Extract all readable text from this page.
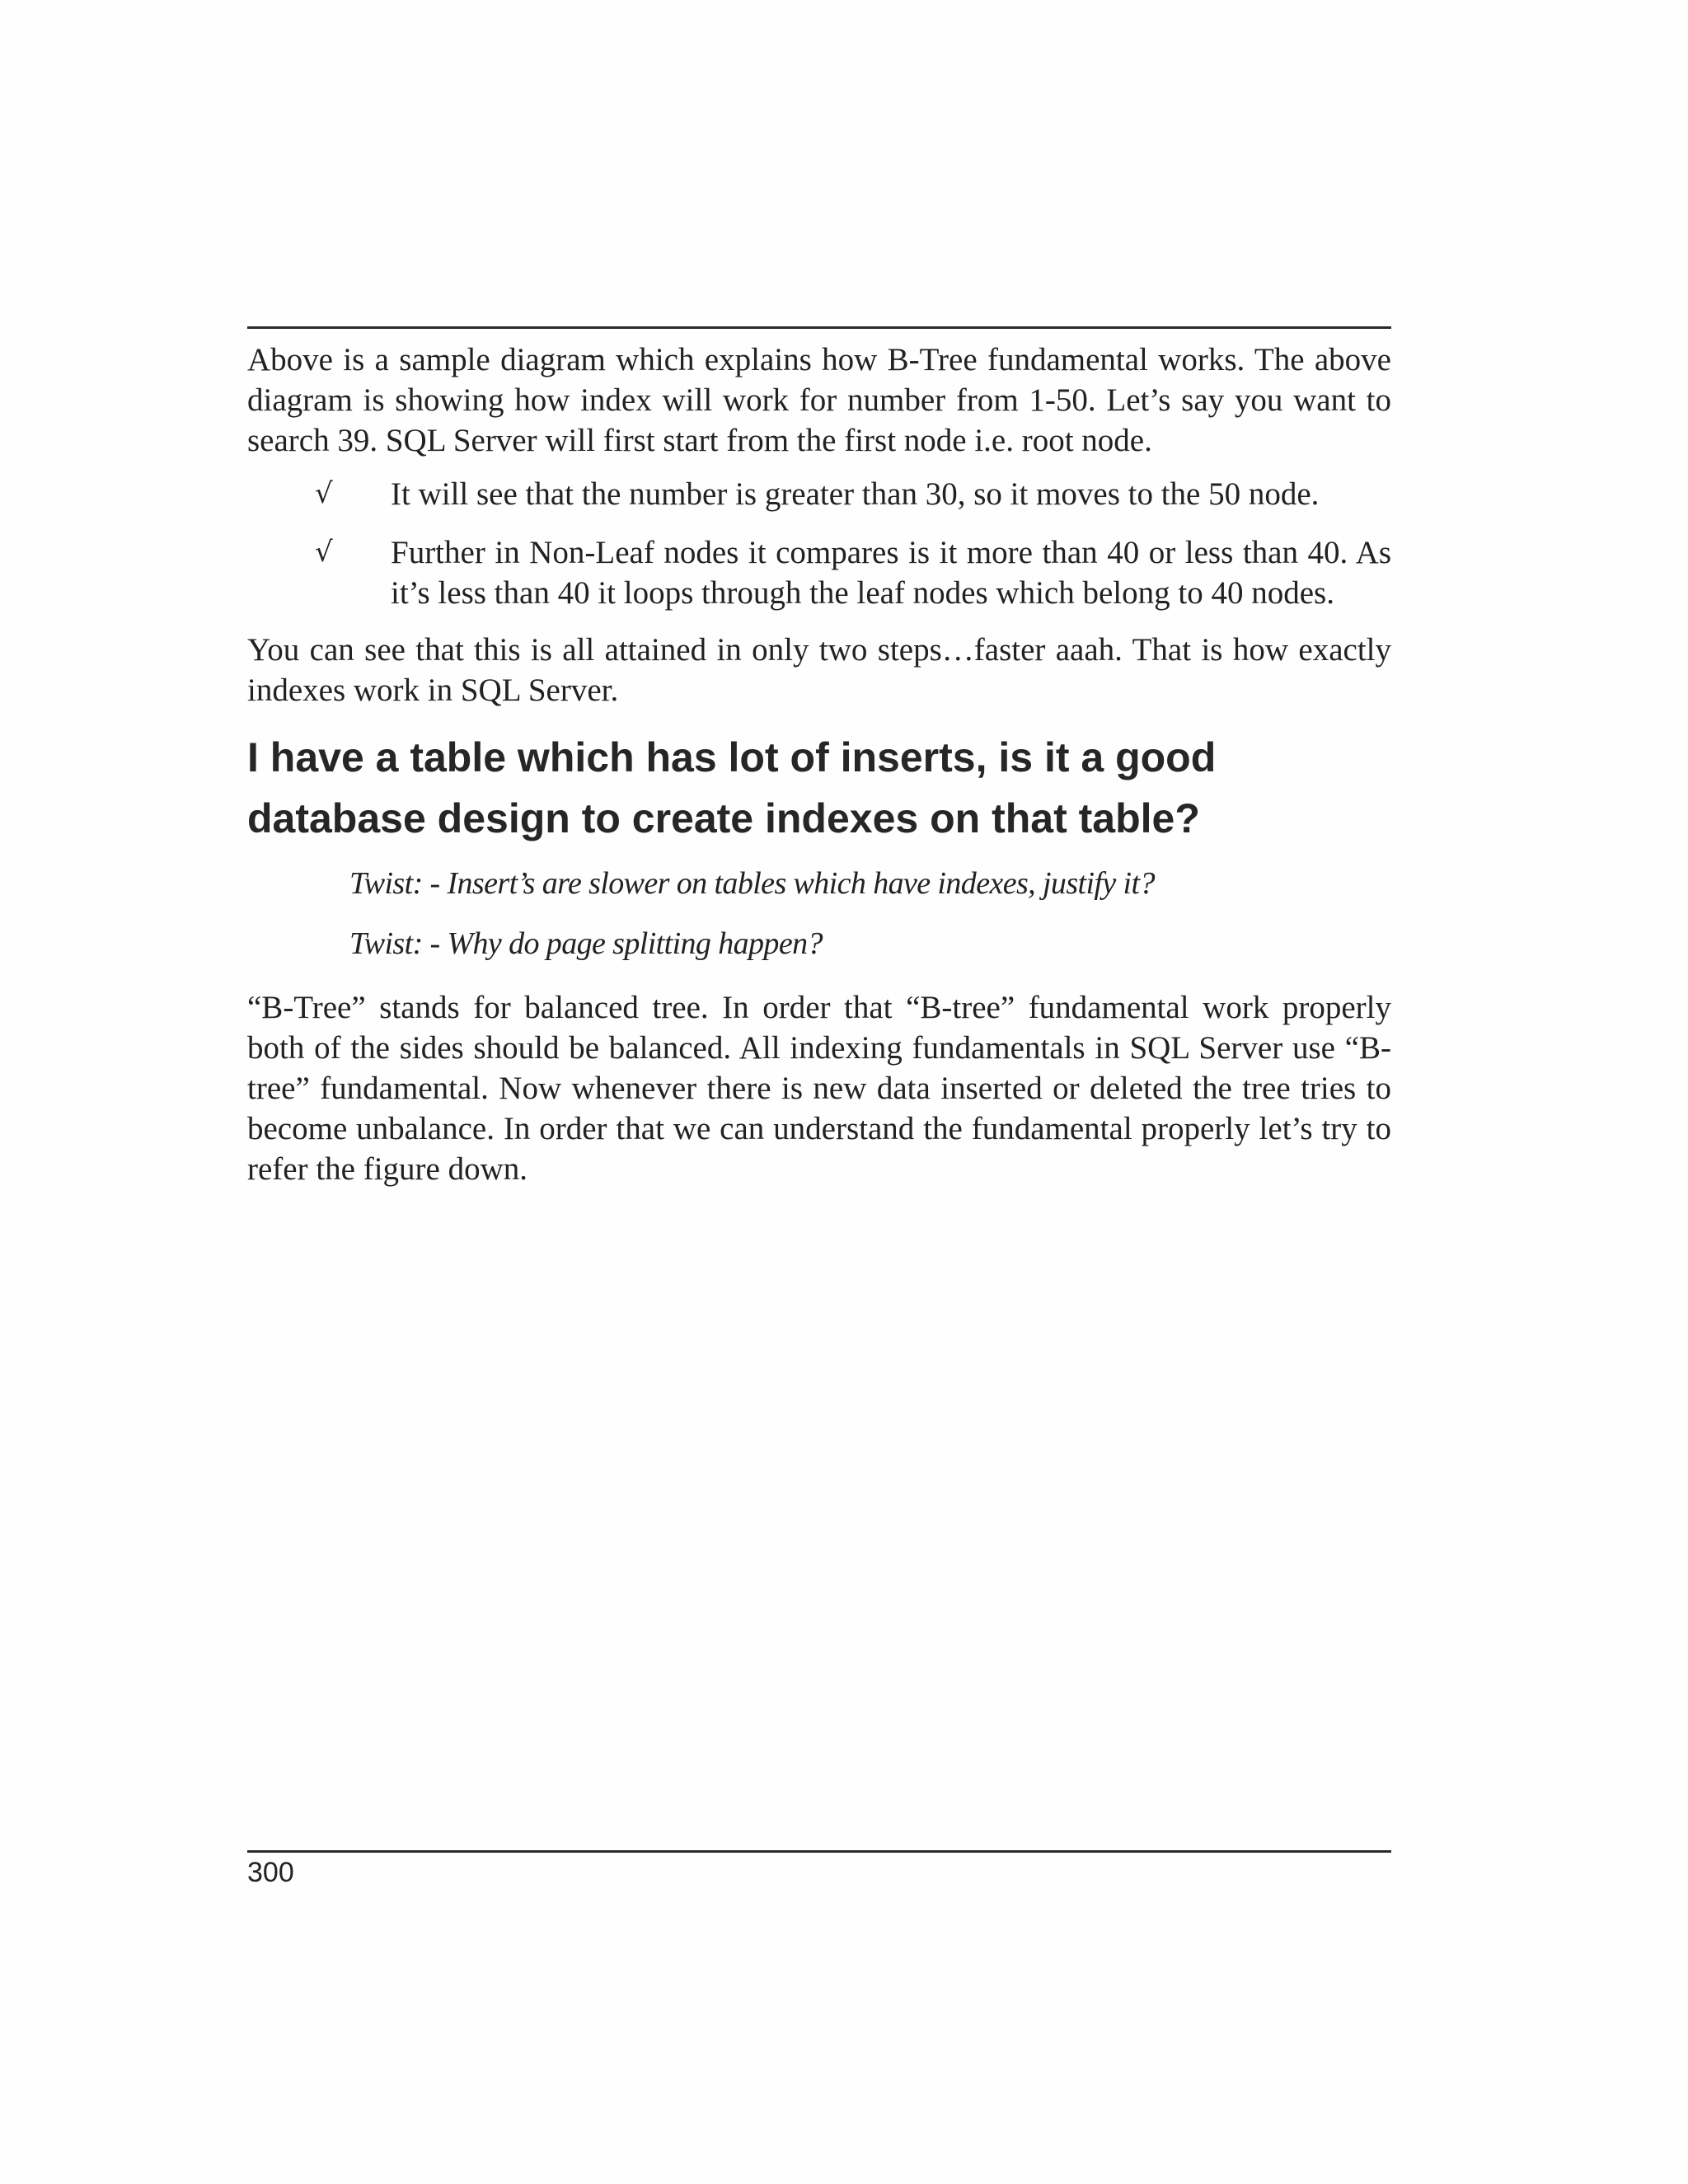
Above is a sample diagram which explains how B-Tree fundamental works. The above diagram is showing how index will work for number from 1-50. Let’s say you want to search 39. SQL Server will first start from the first node i.e. root node.

√	It will see that the number is greater than 30, so it moves to the 50 node.
√	Further in Non-Leaf nodes it compares is it more than 40 or less than 40. As it’s less than 40 it loops through the leaf nodes which belong to 40 nodes.

You can see that this is all attained in only two steps…faster aaah. That is how exactly indexes work in SQL Server.

I have a table which has lot of inserts, is it a good database design to create indexes on that table?

Twist: - Insert’s are slower on tables which have indexes, justify it?

Twist: - Why do page splitting happen?

“B-Tree” stands for balanced tree. In order that “B-tree” fundamental work properly both of the sides should be balanced. All indexing fundamentals in SQL Server use “B-tree” fundamental. Now whenever there is new data inserted or deleted the tree tries to become unbalance. In order that we can understand the fundamental properly let’s try to refer the figure down.

300
